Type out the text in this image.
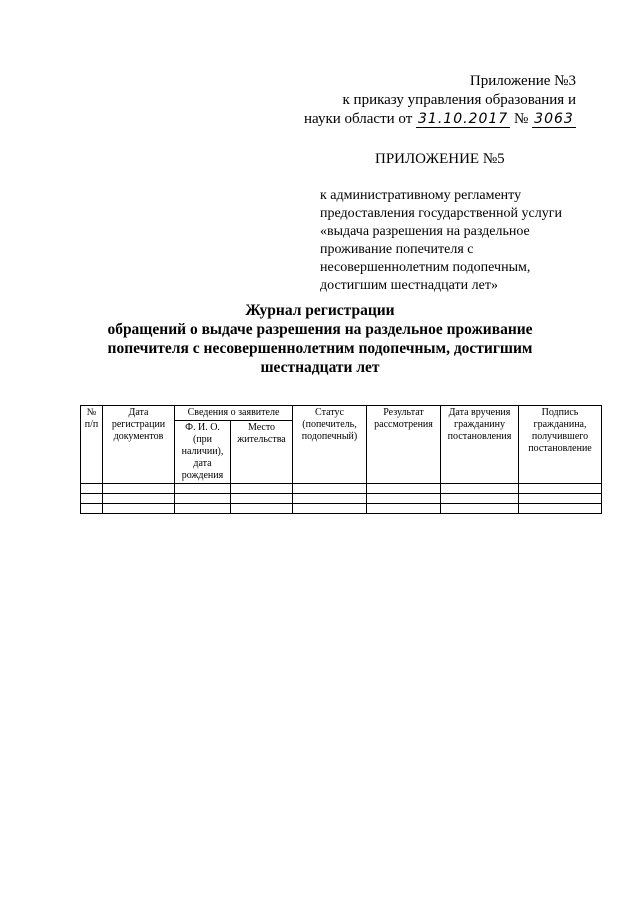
Приложение №3
к приказу управления образования и
науки области от 31.10.2017 № 3063
ПРИЛОЖЕНИЕ №5
к административному регламенту
предоставления государственной услуги
«выдача разрешения на раздельное
проживание попечителя с
несовершеннолетним подопечным,
достигшим шестнадцати лет»
Журнал регистрации
обращений о выдаче разрешения на раздельное проживание
попечителя с несовершеннолетним подопечным, достигшим
шестнадцати лет
№ п/п	Дата регистрации документов	Сведения о заявителе		Статус (попечитель, подопечный)	Результат рассмотрения	Дата вручения гражданину постановления	Подпись гражданина, получившего постановление
		Ф. И. О.(при наличии), дата рождения	Место жительства				
